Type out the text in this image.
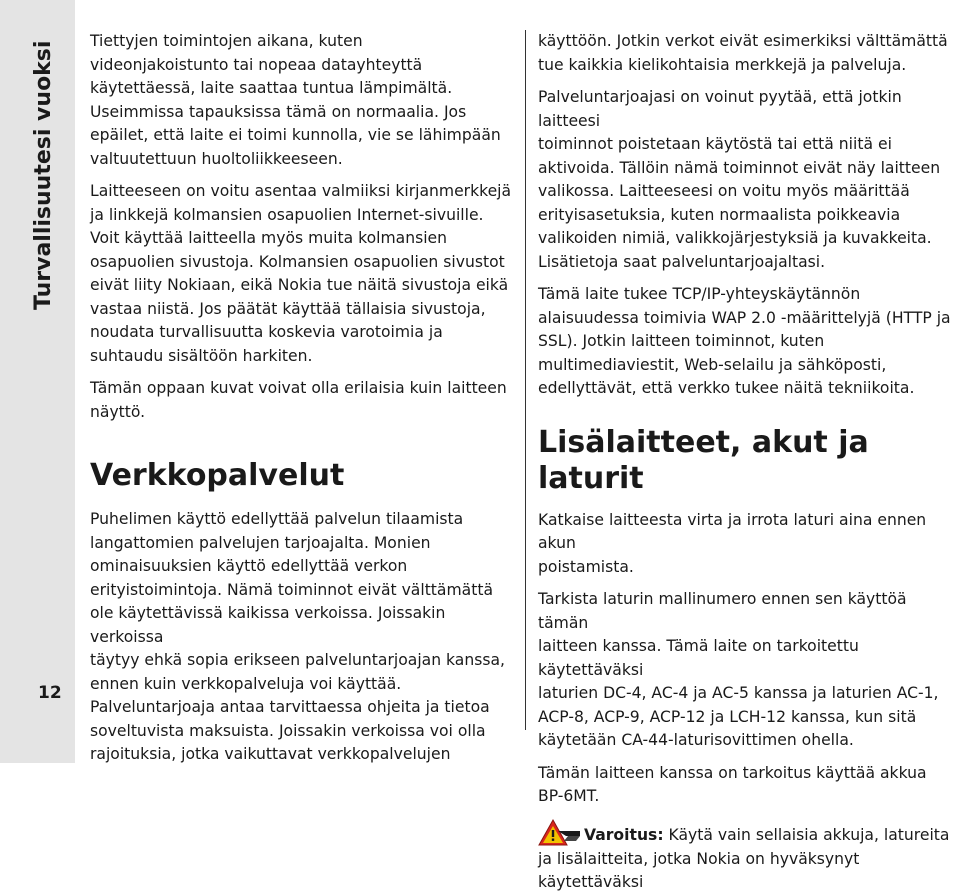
Turvallisuutesi vuoksi
12

Tiettyjen toimintojen aikana, kuten
videonjakoistunto tai nopeaa datayhteyttä
käytettäessä, laite saattaa tuntua lämpimältä.
Useimmissa tapauksissa tämä on normaalia. Jos
epäilet, että laite ei toimi kunnolla, vie se lähimpään
valtuutettuun huoltoliikkeeseen.

Laitteeseen on voitu asentaa valmiiksi kirjanmerkkejä
ja linkkejä kolmansien osapuolien Internet-sivuille.
Voit käyttää laitteella myös muita kolmansien
osapuolien sivustoja. Kolmansien osapuolien sivustot
eivät liity Nokiaan, eikä Nokia tue näitä sivustoja eikä
vastaa niistä. Jos päätät käyttää tällaisia sivustoja,
noudata turvallisuutta koskevia varotoimia ja
suhtaudu sisältöön harkiten.

Tämän oppaan kuvat voivat olla erilaisia kuin laitteen
näyttö.

Verkkopalvelut

Puhelimen käyttö edellyttää palvelun tilaamista
langattomien palvelujen tarjoajalta. Monien
ominaisuuksien käyttö edellyttää verkon
erityistoimintoja. Nämä toiminnot eivät välttämättä
ole käytettävissä kaikissa verkoissa. Joissakin verkoissa
täytyy ehkä sopia erikseen palveluntarjoajan kanssa,
ennen kuin verkkopalveluja voi käyttää.
Palveluntarjoaja antaa tarvittaessa ohjeita ja tietoa
soveltuvista maksuista. Joissakin verkoissa voi olla
rajoituksia, jotka vaikuttavat verkkopalvelujen

käyttöön. Jotkin verkot eivät esimerkiksi välttämättä
tue kaikkia kielikohtaisia merkkejä ja palveluja.

Palveluntarjoajasi on voinut pyytää, että jotkin laitteesi
toiminnot poistetaan käytöstä tai että niitä ei
aktivoida. Tällöin nämä toiminnot eivät näy laitteen
valikossa. Laitteeseesi on voitu myös määrittää
erityisasetuksia, kuten normaalista poikkeavia
valikoiden nimiä, valikkojärjestyksiä ja kuvakkeita.
Lisätietoja saat palveluntarjoajaltasi.

Tämä laite tukee TCP/IP-yhteyskäytännön
alaisuudessa toimivia WAP 2.0 -määrittelyjä (HTTP ja
SSL). Jotkin laitteen toiminnot, kuten
multimediaviestit, Web-selailu ja sähköposti,
edellyttävät, että verkko tukee näitä tekniikoita.

Lisälaitteet, akut ja laturit

Katkaise laitteesta virta ja irrota laturi aina ennen akun
poistamista.

Tarkista laturin mallinumero ennen sen käyttöä tämän
laitteen kanssa. Tämä laite on tarkoitettu käytettäväksi
laturien DC-4, AC-4 ja AC-5 kanssa ja laturien AC-1,
ACP-8, ACP-9, ACP-12 ja LCH-12 kanssa, kun sitä
käytetään CA-44-laturisovittimen ohella.

Tämän laitteen kanssa on tarkoitus käyttää akkua
BP-6MT.

Varoitus: Käytä vain sellaisia akkuja, latureita
ja lisälaitteita, jotka Nokia on hyväksynyt käytettäväksi
